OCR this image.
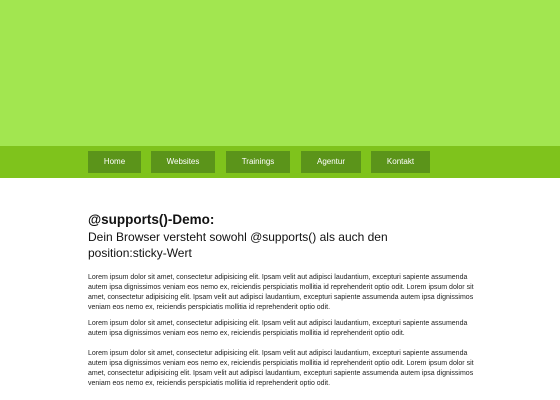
Home	Websites	Trainings	Agentur	Kontakt
@supports()-Demo:

Dein Browser versteht sowohl @supports() als auch den position:sticky-Wert

Lorem ipsum dolor sit amet, consectetur adipisicing elit. Ipsam velit aut adipisci laudantium, excepturi sapiente assumenda autem ipsa dignissimos veniam eos nemo ex, reiciendis perspiciatis mollitia id reprehenderit optio odit. Lorem ipsum dolor sit amet, consectetur adipisicing elit. Ipsam velit aut adipisci laudantium, excepturi sapiente assumenda autem ipsa dignissimos veniam eos nemo ex, reiciendis perspiciatis mollitia id reprehenderit optio odit.

Lorem ipsum dolor sit amet, consectetur adipisicing elit. Ipsam velit aut adipisci laudantium, excepturi sapiente assumenda autem ipsa dignissimos veniam eos nemo ex, reiciendis perspiciatis mollitia id reprehenderit optio odit.

Lorem ipsum dolor sit amet, consectetur adipisicing elit. Ipsam velit aut adipisci laudantium, excepturi sapiente assumenda autem ipsa dignissimos veniam eos nemo ex, reiciendis perspiciatis mollitia id reprehenderit optio odit. Lorem ipsum dolor sit amet, consectetur adipisicing elit. Ipsam velit aut adipisci laudantium, excepturi sapiente assumenda autem ipsa dignissimos veniam eos nemo ex, reiciendis perspiciatis mollitia id reprehenderit optio odit.
